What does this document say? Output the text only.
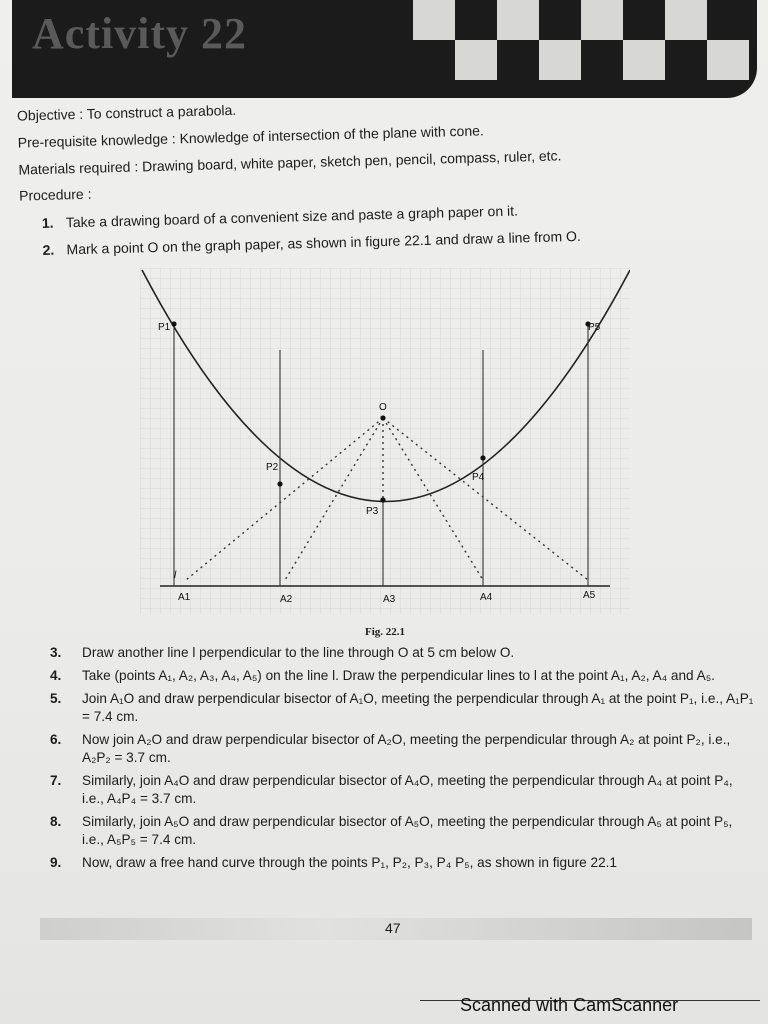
Activity 22
Objective : To construct a parabola.
Pre-requisite knowledge : Knowledge of intersection of the plane with cone.
Materials required : Drawing board, white paper, sketch pen, pencil, compass, ruler, etc.
Procedure :
1. Take a drawing board of a convenient size and paste a graph paper on it.
2. Mark a point O on the graph paper, as shown in figure 22.1 and draw a line from O.
O
P1
P2
P3
P4
P5
l
A1	A2	A3	A4	A5
Fig. 22.1
3. Draw another line l perpendicular to the line through O at 5 cm below O.
4. Take (points A₁, A₂, A₃, A₄, A₅) on the line l. Draw the perpendicular lines to l at the point A₁, A₂, A₄ and A₅.
5. Join A₁O and draw perpendicular bisector of A₁O, meeting the perpendicular through A₁ at the point P₁, i.e., A₁P₁ = 7.4 cm.
6. Now join A₂O and draw perpendicular bisector of A₂O, meeting the perpendicular through A₂ at point P₂, i.e., A₂P₂ = 3.7 cm.
7. Similarly, join A₄O and draw perpendicular bisector of A₄O, meeting the perpendicular through A₄ at point P₄, i.e., A₄P₄ = 3.7 cm.
8. Similarly, join A₅O and draw perpendicular bisector of A₅O, meeting the perpendicular through A₅ at point P₅, i.e., A₅P₅ = 7.4 cm.
9. Now, draw a free hand curve through the points P₁, P₂, P₃, P₄ P₅, as shown in figure 22.1
47
Scanned with CamScanner
